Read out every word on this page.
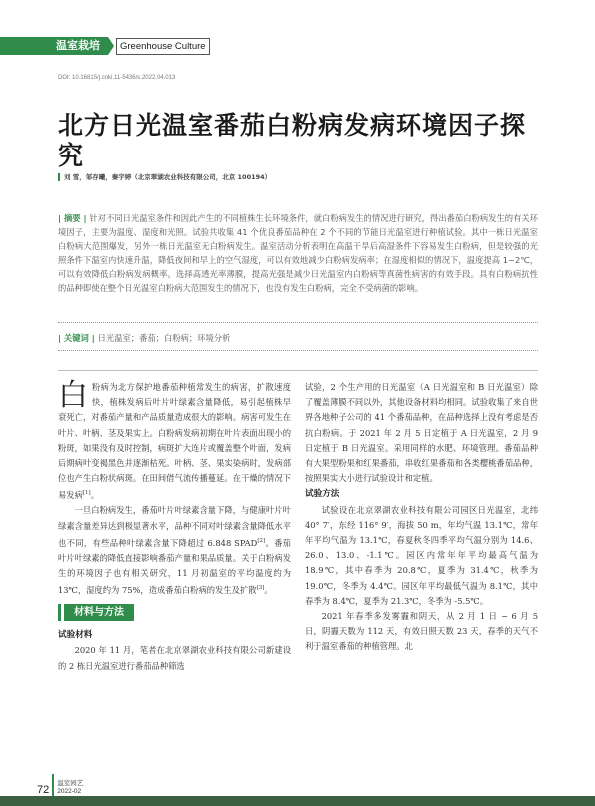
温室栽培	Greenhouse Culture
DOI: 10.16815/j.cnki.11-5436/s.2022.04.013
北方日光温室番茄白粉病发病环境因子探究
刘 雪，邹存曦，秦宇婷（北京翠湖农业科技有限公司，北京 100194）

| 摘要 | 针对不同日光温室条件和因此产生的不同植株生长环境条件，就白粉病发生的情况进行研究，得出番茄白粉病发生的有关环境因子，主要为温度、湿度和光照。试验共收集 41 个优良番茄品种在 2 个不同的节能日光温室进行种植试验。其中一栋日光温室白粉病大范围爆发，另外一栋日光温室无白粉病发生。温室活动分析表明在高温干旱后高湿条件下容易发生白粉病，但是较强的光照条件下温室内快速升温，降低夜间和早上的空气湿度，可以有效地减少白粉病发病率；在湿度相似的情况下，温度提高 1~2℃，可以有效降低白粉病发病概率。选择高透光率薄膜，提高光强是减少日光温室内白粉病等真菌性病害的有效手段。具有白粉病抗性的品种即使在整个日光温室白粉病大范围发生的情况下，也没有发生白粉病，完全不受病菌的影响。

| 关键词 | 日光温室；番茄；白粉病；环境分析

白粉病为北方保护地番茄种植常发生的病害，扩散速度快，植株发病后叶片叶绿素含量降低，易引起植株早衰死亡，对番茄产量和产品质量造成很大的影响。病害可发生在叶片、叶柄、茎及果实上。白粉病发病初期在叶片表面出现小的粉斑，如果没有及时控制，病斑扩大连片或覆盖整个叶面，发病后期病叶变褐黑色并逐渐枯死。叶柄、茎、果实染病时，发病部位也产生白粉状病斑。在田间借气流传播蔓延。在干燥的情况下易发病[1]。

一旦白粉病发生，番茄叶片叶绿素含量下降，与健康叶片叶绿素含量差异达到极显著水平，品种不同对叶绿素含量降低水平也不同，有些品种叶绿素含量下降超过 6.848 SPAD[2]。番茄叶片叶绿素的降低直接影响番茄产量和果品质量。关于白粉病发生的环境因子也有相关研究，11 月初温室的平均温度约为 13℃，湿度约为 75%，造成番茄白粉病的发生及扩散[3]。

材料与方法
试验材料

2020 年 11 月，笔者在北京翠湖农业科技有限公司新建设的 2 栋日光温室进行番茄品种筛选

试验，2 个生产用的日光温室（A 日光温室和 B 日光温室）除了覆盖薄膜不同以外，其他设备材料均相同。试验收集了来自世界各地种子公司的 41 个番茄品种，在品种选择上没有考虑是否抗白粉病。于 2021 年 2 月 5 日定植于 A 日光温室，2 月 9 日定植于 B 日光温室。采用同样的水肥、环境管理。番茄品种有大果型粉果和红果番茄，串收红果番茄和各类樱桃番茄品种，按照果实大小进行试验设计和定植。

试验方法

试验设在北京翠湖农业科技有限公司园区日光温室，北纬 40° 7′，东经 116° 9′，海拔 50 m，年均气温 13.1℃，常年年平均气温为 13.1℃，春夏秋冬四季平均气温分别为 14.6、26.0、13.0、-1.1℃。园区内常年年平均最高气温为 18.9℃，其中春季为 20.8℃，夏季为 31.4℃，秋季为 19.0℃，冬季为 4.4℃。园区年平均最低气温为 8.1℃，其中春季为 8.4℃，夏季为 21.3℃，冬季为 -5.5℃。

2021 年春季多发雾霾和阴天，从 2 月 1 日 ~ 6 月 5 日，阴霾天数为 112 天，有效日照天数 23 天，春季的天气不利于温室番茄的种植管理。北

72
温室园艺
2022-02
